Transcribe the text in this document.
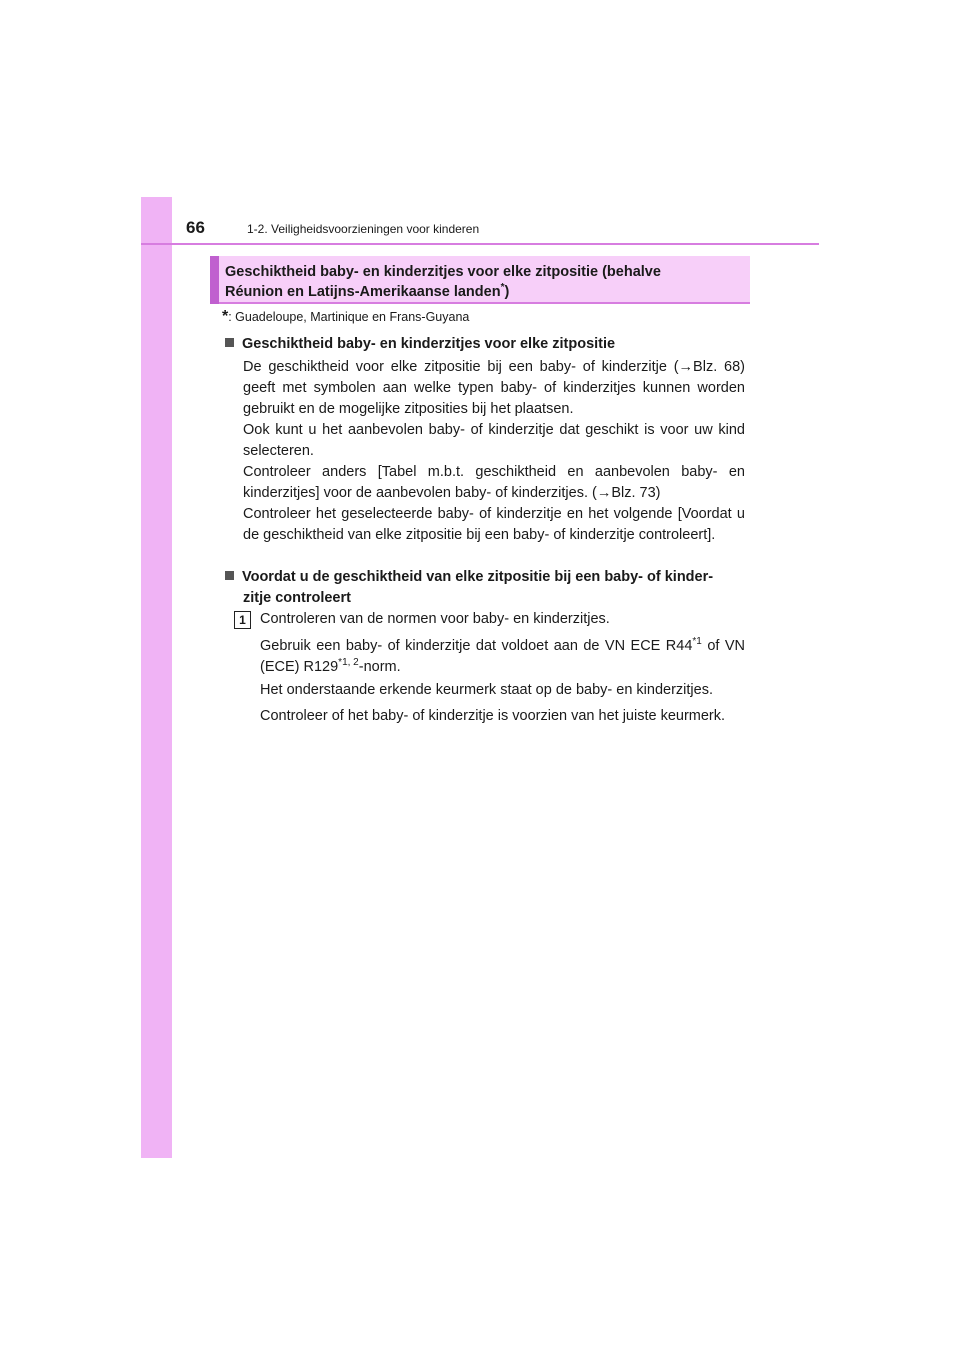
66	1-2. Veiligheidsvoorzieningen voor kinderen
Geschiktheid baby- en kinderzitjes voor elke zitpositie (behalve
Réunion en Latijns-Amerikaanse landen*)
*: Guadeloupe, Martinique en Frans-Guyana
Geschiktheid baby- en kinderzitjes voor elke zitpositie
De geschiktheid voor elke zitpositie bij een baby- of kinderzitje (→Blz. 68) geeft met symbolen aan welke typen baby- of kinderzitjes kunnen worden gebruikt en de mogelijke zitposities bij het plaatsen.
Ook kunt u het aanbevolen baby- of kinderzitje dat geschikt is voor uw kind selecteren.
Controleer anders [Tabel m.b.t. geschiktheid en aanbevolen baby- en kinderzitjes] voor de aanbevolen baby- of kinderzitjes. (→Blz. 73)
Controleer het geselecteerde baby- of kinderzitje en het volgende [Voordat u de geschiktheid van elke zitpositie bij een baby- of kinderzitje controleert].
Voordat u de geschiktheid van elke zitpositie bij een baby- of kinder-
zitje controleert
1 Controleren van de normen voor baby- en kinderzitjes.
Gebruik een baby- of kinderzitje dat voldoet aan de VN ECE R44$^{*1}$ of VN (ECE) R129$^{*1, 2}$-norm.
Het onderstaande erkende keurmerk staat op de baby- en kinderzitjes.
Controleer of het baby- of kinderzitje is voorzien van het juiste keurmerk.
